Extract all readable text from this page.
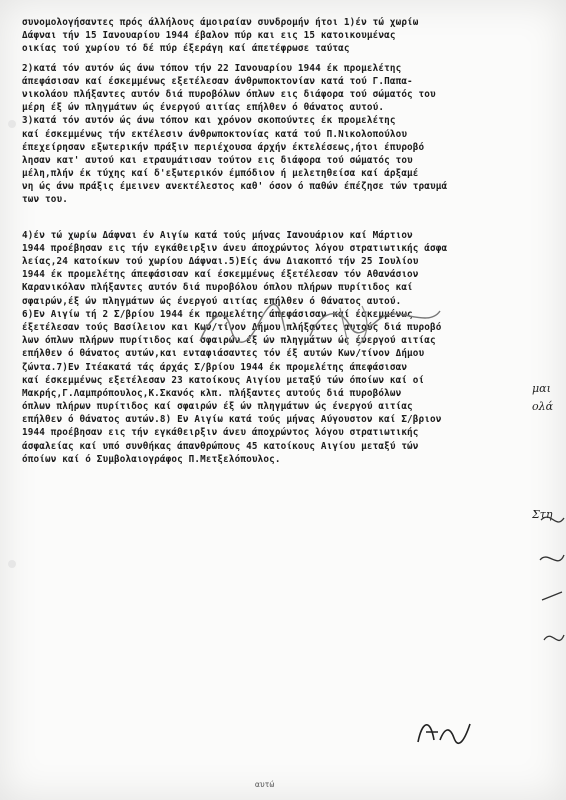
συνομολογήσαντες πρός άλλήλους άμοιραίαν συνδρομήν ήτοι 1)έν τώ χωρίω
Δάφναι τήν 15 Ιανουαρίου 1944 έβαλον πύρ και εις 15 κατοικουμένας
οικίας τού χωρίου τό δέ πύρ έξεράγη καί άπετέφρωσε ταύτας
2)κατά τόν αυτόν ώς άνω τόπον τήν 22 Ιανουαρίου 1944 έκ προμελέτης
άπεφάσισαν καί έσκεμμένως εξετέλεσαν άνθρωποκτονίαν κατά τού Γ.Παπα-
νικολάου πλήξαντες αυτόν διά πυροβόλων όπλων εις διάφορα τού σώματός του
μέρη έξ ών πληγμάτων ώς ένεργού αιτίας επήλθεν ό θάνατος αυτού.
3)κατά τόν αυτόν ώς άνω τόπον και χρόνον σκοπούντες έκ προμελέτης
καί έσκεμμένως τήν εκτέλεσιν άνθρωποκτονίας κατά τού Π.Νικολοπούλου
έπεχείρησαν εξωτερικήν πράξιν περιέχουσα άρχήν έκτελέσεως,ήτοι έπυροβό
λησαν κατ' αυτού και ετραυμάτισαν τούτον εις διάφορα τού σώματός του
μέλη,πλήν έκ τύχης καί δ'εξωτερικόν έμπόδιον ή μελετηθείσα καί άρξαμέ
νη ώς άνω πράξις έμεινεν ανεκτέλεστος καθ' όσον ό παθών έπέζησε τών τραυμά
των του.
4)έν τώ χωρίω Δάφναι έν Αιγίω κατά τούς μήνας Ιανουάριον καί Μάρτιον
1944 προέβησαν εις τήν εγκάθειρξιν άνευ άποχρώντος λόγου στρατιωτικής άσφα
λείας,24 κατοίκων τού χωρίου Δάφναι.5)Είς άνω Διακοπτό τήν 25 Ιουλίου
1944 έκ προμελέτης άπεφάσισαν καί έσκεμμένως έξετέλεσαν τόν Αθανάσιον
Καρανικόλαν πλήξαντες αυτόν διά πυροβόλου όπλου πλήρων πυρίτιδος καί
σφαιρών,έξ ών πληγμάτων ώς ένεργού αιτίας επήλθεν ό θάνατος αυτού.
6)Εν Αιγίω τή 2 Σ/βρίου 1944 έκ προμελέτης άπεφάσισαν καί έσκεμμένως
έξετέλεσαν τούς Βασίλειον και Κων/τίνον Δήμου πλήξαντες αυτούς διά πυροβό
λων όπλων πλήρων πυρίτιδος καί σφαιρών έξ ών πληγμάτων ώς ένεργού αιτίας
επήλθεν ό θάνατος αυτών,και ενταφιάσαντες τόν έξ αυτών Κων/τίνον Δήμου
ζώντα.7)Εν Ιτέακατά τάς άρχάς Σ/βρίου 1944 έκ προμελέτης άπεφάσισαν
καί έσκεμμένως εξετέλεσαν 23 κατοίκους Αιγίου μεταξύ τών όποίων καί οί
Μακρής,Γ.Λαμπρόπουλος,Κ.Σκανός κλπ. πλήξαντες αυτούς διά πυροβόλων
όπλων πλήρων πυρίτιδος καί σφαιρών έξ ών πληγμάτων ώς ένεργού αιτίας
επήλθεν ό θάνατος αυτών.8) Εν Αιγίω κατά τούς μήνας Αύγουστον καί Σ/βριον
1944 προέβησαν εις τήν εγκάθειρξιν άνευ άποχρώντος λόγου στρατιωτικής
άσφαλείας καί υπό συνθήκας άπανθρώπους 45 κατοίκους Αιγίου μεταξύ τών
όποίων καί ό Συμβολαιογράφος Π.Μετξελόπουλος.
μαι
ολά
Στη
αυτώ
